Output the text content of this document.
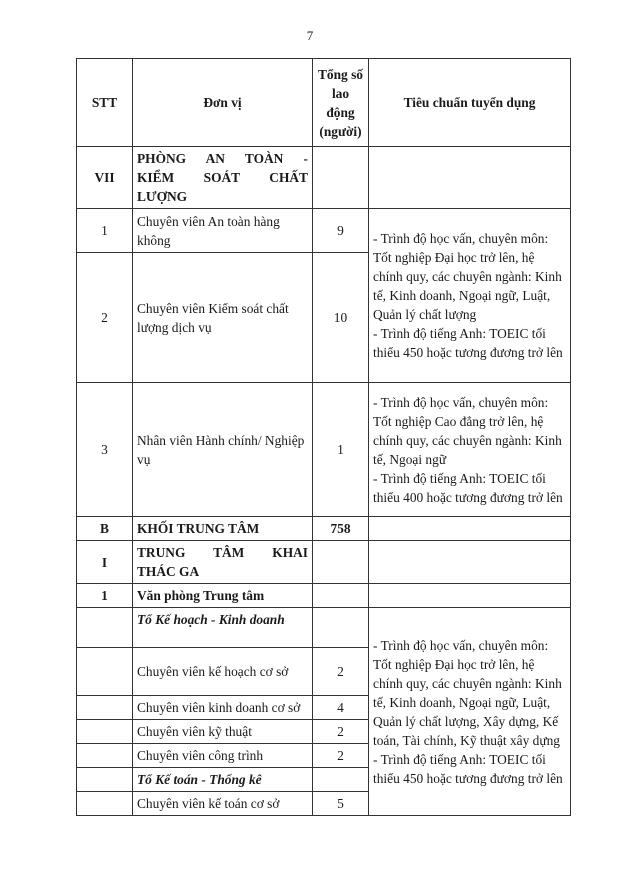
7
STT	Đơn vị	Tổng số lao động (người)	Tiêu chuẩn tuyển dụng
VII	PHÒNG AN TOÀN -
KIỂM SOÁT CHẤT
LƯỢNG		

1	Chuyên viên An toàn hàng không	9	- Trình độ học vấn, chuyên môn: Tốt nghiệp Đại học trở lên, hệ chính quy, các chuyên ngành: Kinh tế, Kinh doanh, Ngoại ngữ, Luật, Quản lý chất lượng
- Trình độ tiếng Anh: TOEIC tối thiểu 450 hoặc tương đương trở lên
2	Chuyên viên Kiểm soát chất lượng dịch vụ	10	
3	Nhân viên Hành chính/ Nghiệp vụ	1	- Trình độ học vấn, chuyên môn: Tốt nghiệp Cao đẳng trở lên, hệ chính quy, các chuyên ngành: Kinh tế, Ngoại ngữ
- Trình độ tiếng Anh: TOEIC tối thiểu 400 hoặc tương đương trở lên
B	KHỐI TRUNG TÂM	758	
I	TRUNG TÂM KHAI
THÁC GA		

1	Văn phòng Trung tâm		
	Tổ Kế hoạch - Kinh doanh		- Trình độ học vấn, chuyên môn: Tốt nghiệp Đại học trở lên, hệ chính quy, các chuyên ngành: Kinh tế, Kinh doanh, Ngoại ngữ, Luật, Quản lý chất lượng, Xây dựng, Kế toán, Tài chính, Kỹ thuật xây dựng
- Trình độ tiếng Anh: TOEIC tối thiểu 450 hoặc tương đương trở lên
	Chuyên viên kế hoạch cơ sở	2	
	Chuyên viên kinh doanh cơ sở	4	
	Chuyên viên kỹ thuật	2	
	Chuyên viên công trình	2	
	Tổ Kế toán - Thống kê		
	Chuyên viên kế toán cơ sở	5	
